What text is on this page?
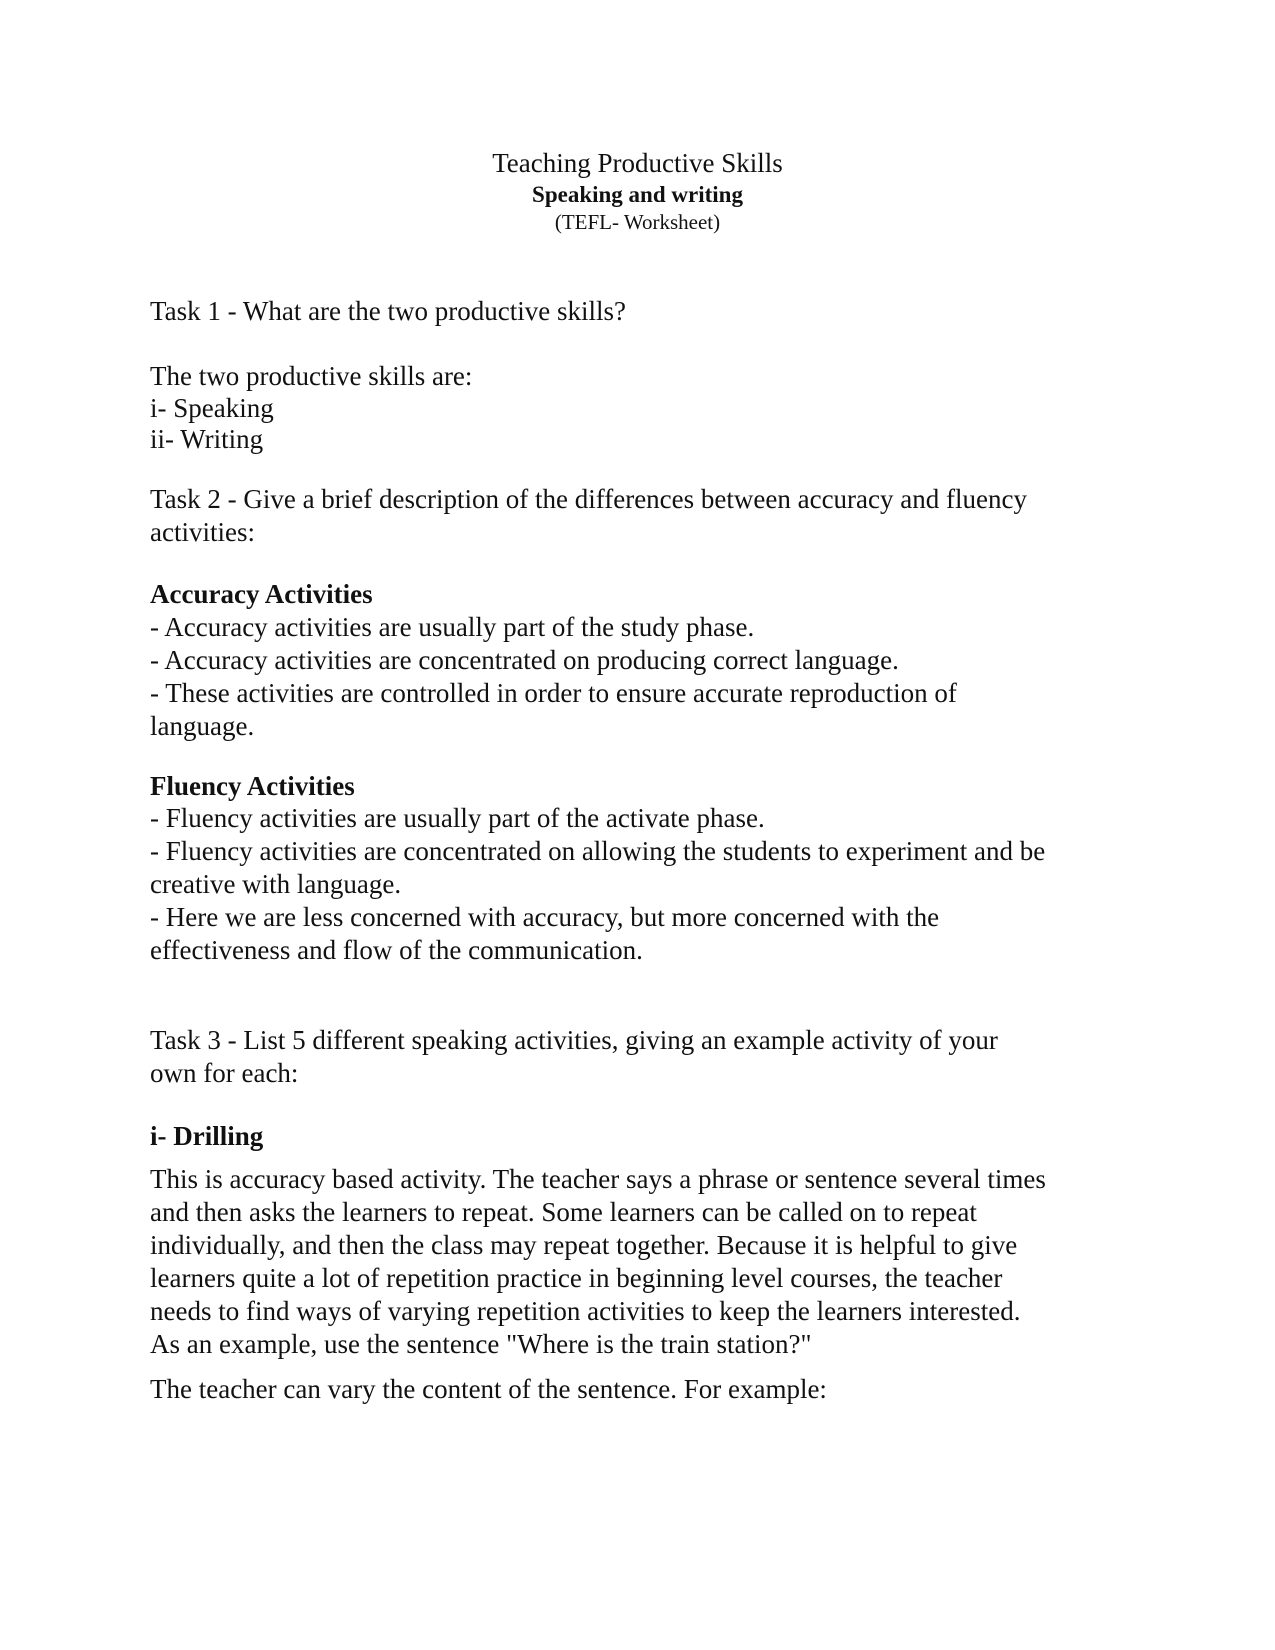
Teaching Productive Skills
Speaking and writing
(TEFL- Worksheet)

Task 1 - What are the two productive skills?

The two productive skills are:

i- Speaking

ii- Writing

Task 2 - Give a brief description of the differences between accuracy and fluency
activities:

Accuracy Activities

- Accuracy activities are usually part of the study phase.
- Accuracy activities are concentrated on producing correct language.
- These activities are controlled in order to ensure accurate reproduction of
language.

Fluency Activities

- Fluency activities are usually part of the activate phase.
- Fluency activities are concentrated on allowing the students to experiment and be
creative with language.
- Here we are less concerned with accuracy, but more concerned with the
effectiveness and flow of the communication.
Task 3 - List 5 different speaking activities, giving an example activity of your
own for each:

i- Drilling

This is accuracy based activity. The teacher says a phrase or sentence several times
and then asks the learners to repeat. Some learners can be called on to repeat
individually, and then the class may repeat together. Because it is helpful to give
learners quite a lot of repetition practice in beginning level courses, the teacher
needs to find ways of varying repetition activities to keep the learners interested.
As an example, use the sentence "Where is the train station?"

The teacher can vary the content of the sentence. For example:
